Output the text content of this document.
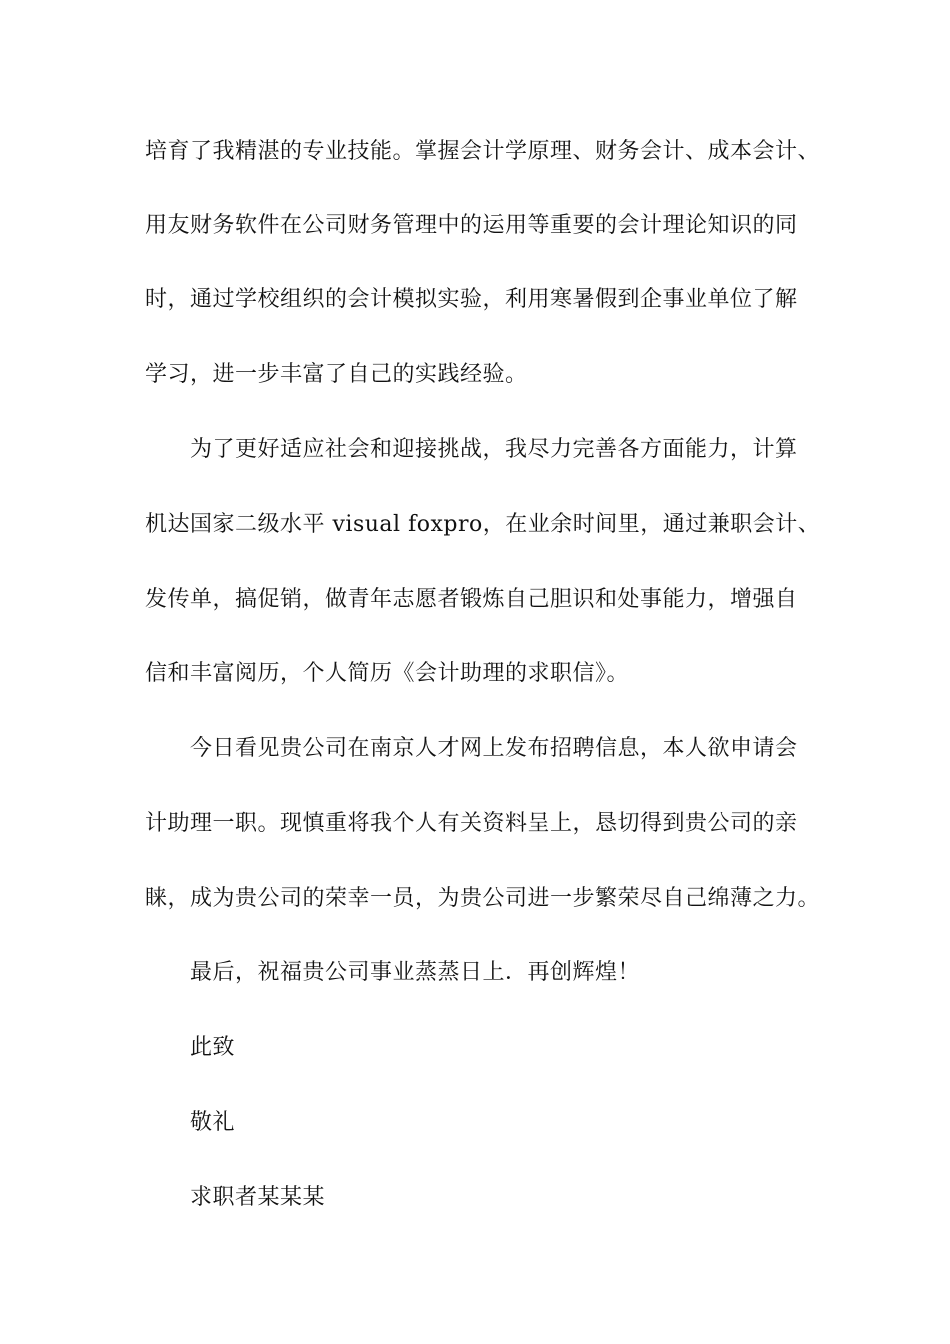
培育了我精湛的专业技能。掌握会计学原理、财务会计、成本会计、
用友财务软件在公司财务管理中的运用等重要的会计理论知识的同
时，通过学校组织的会计模拟实验，利用寒暑假到企事业单位了解
学习，进一步丰富了自己的实践经验。
为了更好适应社会和迎接挑战，我尽力完善各方面能力，计算
机达国家二级水平 visual foxpro，在业余时间里，通过兼职会计、
发传单，搞促销，做青年志愿者锻炼自己胆识和处事能力，增强自
信和丰富阅历，个人简历《会计助理的求职信》。
今日看见贵公司在南京人才网上发布招聘信息，本人欲申请会
计助理一职。现慎重将我个人有关资料呈上，恳切得到贵公司的亲
睐，成为贵公司的荣幸一员，为贵公司进一步繁荣尽自己绵薄之力。
最后，祝福贵公司事业蒸蒸日上．再创辉煌！
此致
敬礼
求职者某某某
